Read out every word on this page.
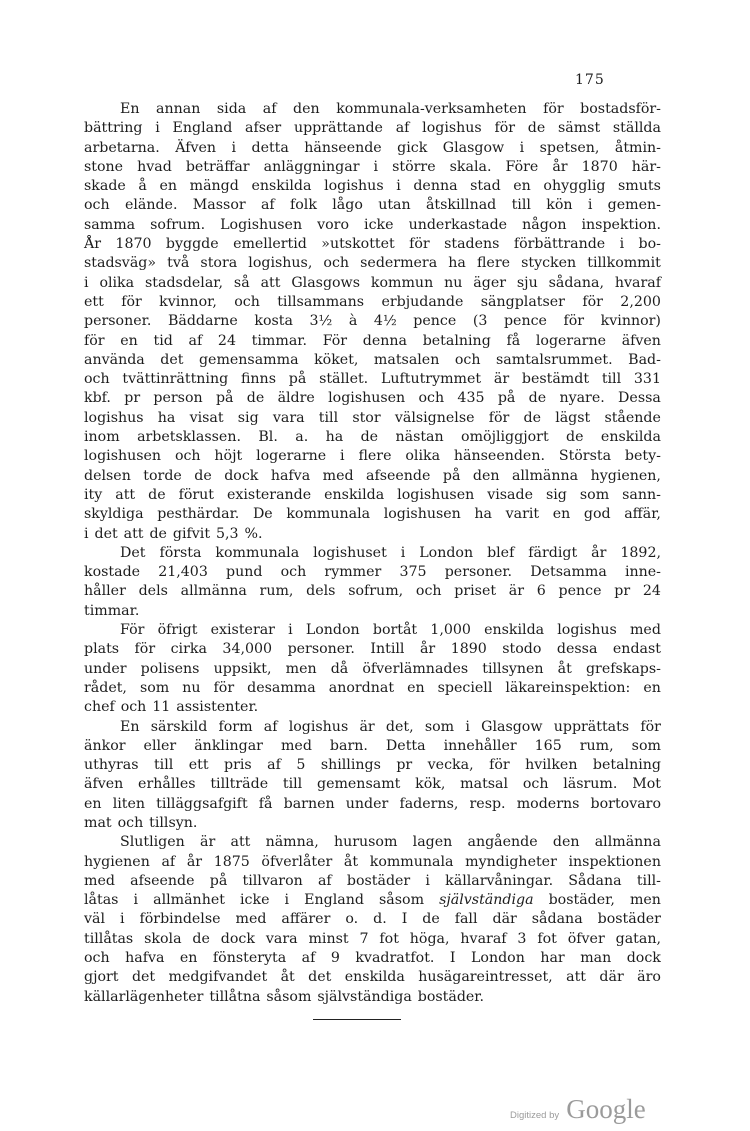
175
En annan sida af den kommunala-verksamheten för bostadsför-
bättring i England afser upprättande af logishus för de sämst ställda
arbetarna. Äfven i detta hänseende gick Glasgow i spetsen, åtmin-
stone hvad beträffar anläggningar i större skala. Före år 1870 här-
skade å en mängd enskilda logishus i denna stad en ohygglig smuts
och elände. Massor af folk lågo utan åtskillnad till kön i gemen-
samma sofrum. Logishusen voro icke underkastade någon inspektion.
År 1870 byggde emellertid »utskottet för stadens förbättrande i bo-
stadsväg» två stora logishus, och sedermera ha flere stycken tillkommit
i olika stadsdelar, så att Glasgows kommun nu äger sju sådana, hvaraf
ett för kvinnor, och tillsammans erbjudande sängplatser för 2,200
personer. Bäddarne kosta 3½ à 4½ pence (3 pence för kvinnor)
för en tid af 24 timmar. För denna betalning få logerarne äfven
använda det gemensamma köket, matsalen och samtalsrummet. Bad-
och tvättinrättning finns på stället. Luftutrymmet är bestämdt till 331
kbf. pr person på de äldre logishusen och 435 på de nyare. Dessa
logishus ha visat sig vara till stor välsignelse för de lägst stående
inom arbetsklassen. Bl. a. ha de nästan omöjliggjort de enskilda
logishusen och höjt logerarne i flere olika hänseenden. Största bety-
delsen torde de dock hafva med afseende på den allmänna hygienen,
ity att de förut existerande enskilda logishusen visade sig som sann-
skyldiga pesthärdar. De kommunala logishusen ha varit en god affär,
i det att de gifvit 5,3 %.
Det första kommunala logishuset i London blef färdigt år 1892,
kostade 21,403 pund och rymmer 375 personer. Detsamma inne-
håller dels allmänna rum, dels sofrum, och priset är 6 pence pr 24
timmar.
För öfrigt existerar i London bortåt 1,000 enskilda logishus med
plats för cirka 34,000 personer. Intill år 1890 stodo dessa endast
under polisens uppsikt, men då öfverlämnades tillsynen åt grefskaps-
rådet, som nu för desamma anordnat en speciell läkareinspektion: en
chef och 11 assistenter.
En särskild form af logishus är det, som i Glasgow upprättats för
änkor eller änklingar med barn. Detta innehåller 165 rum, som
uthyras till ett pris af 5 shillings pr vecka, för hvilken betalning
äfven erhålles tillträde till gemensamt kök, matsal och läsrum. Mot
en liten tilläggsafgift få barnen under faderns, resp. moderns bortovaro
mat och tillsyn.
Slutligen är att nämna, hurusom lagen angående den allmänna
hygienen af år 1875 öfverlåter åt kommunala myndigheter inspektionen
med afseende på tillvaron af bostäder i källarvåningar. Sådana till-
låtas i allmänhet icke i England såsom självständiga bostäder, men
väl i förbindelse med affärer o. d. I de fall där sådana bostäder
tillåtas skola de dock vara minst 7 fot höga, hvaraf 3 fot öfver gatan,
och hafva en fönsteryta af 9 kvadratfot. I London har man dock
gjort det medgifvandet åt det enskilda husägareintresset, att där äro
källarlägenheter tillåtna såsom självständiga bostäder.
Digitized by Google
